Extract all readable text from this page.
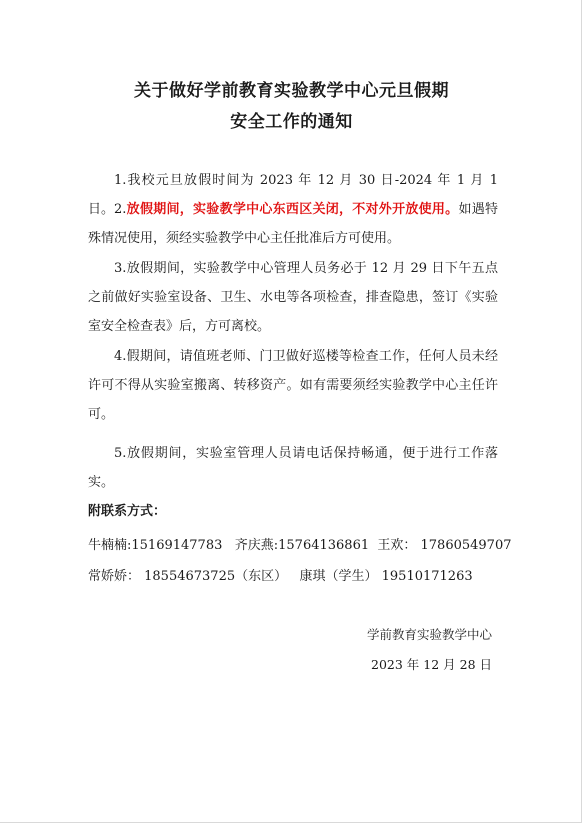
关于做好学前教育实验教学中心元旦假期
安全工作的通知
1.我校元旦放假时间为 2023 年 12 月 30 日-2024 年 1 月 1 日。 2.放假期间，实验教学中心东西区关闭，不对外开放使用。如遇特殊情况使用，须经实验教学中心主任批准后方可使用。
3.放假期间，实验教学中心管理人员务必于 12 月 29 日下午五点之前做好实验室设备、卫生、水电等各项检查，排查隐患，签订《实验室安全检查表》后，方可离校。
4.假期间，请值班老师、门卫做好巡楼等检查工作，任何人员未经许可不得从实验室搬离、转移资产。如有需要须经实验教学中心主任许可。
5.放假期间，实验室管理人员请电话保持畅通，便于进行工作落实。
附联系方式：
牛楠楠:15169147783   齐庆燕:15764136861  王欢： 17860549707
常娇娇： 18554673725（东区）   康琪（学生） 19510171263
学前教育实验教学中心
2023 年 12 月 28 日
